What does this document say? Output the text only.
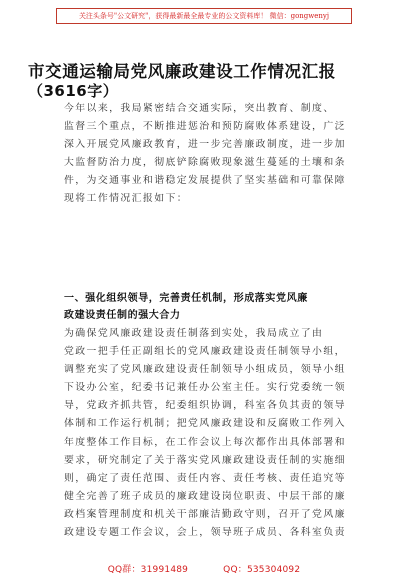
关注头条号"公文研究"，获得最新最全最专业的公文资料库！ 微信：gongwenyj
市交通运输局党风廉政建设工作情况汇报
（3616字）
今年以来，我局紧密结合交通实际，突出教育、制度、
监督三个重点，不断推进惩治和预防腐败体系建设，广泛
深入开展党风廉政教育，进一步完善廉政制度，进一步加
大监督防治力度，彻底铲除腐败现象滋生蔓延的土壤和条
件，为交通事业和谐稳定发展提供了坚实基础和可靠保障
现将工作情况汇报如下：
一、强化组织领导，完善责任机制，形成落实党风廉
政建设责任制的强大合力
为确保党风廉政建设责任制落到实处，我局成立了由
党政一把手任正副组长的党风廉政建设责任制领导小组，
调整充实了党风廉政建设责任制领导小组成员，领导小组
下设办公室，纪委书记兼任办公室主任。实行党委统一领
导，党政齐抓共管，纪委组织协调，科室各负其责的领导
体制和工作运行机制；把党风廉政建设和反腐败工作列入
年度整体工作目标，在工作会议上每次都作出具体部署和
要求，研究制定了关于落实党风廉政建设责任制的实施细
则，确定了责任范围、责任内容、责任考核、责任追究等
健全完善了班子成员的廉政建设岗位职责、中层干部的廉
政档案管理制度和机关干部廉洁勤政守则，召开了党风廉
政建设专题工作会议，会上，领导班子成员、各科室负责
QQ群：31991489	QQ：535304092
